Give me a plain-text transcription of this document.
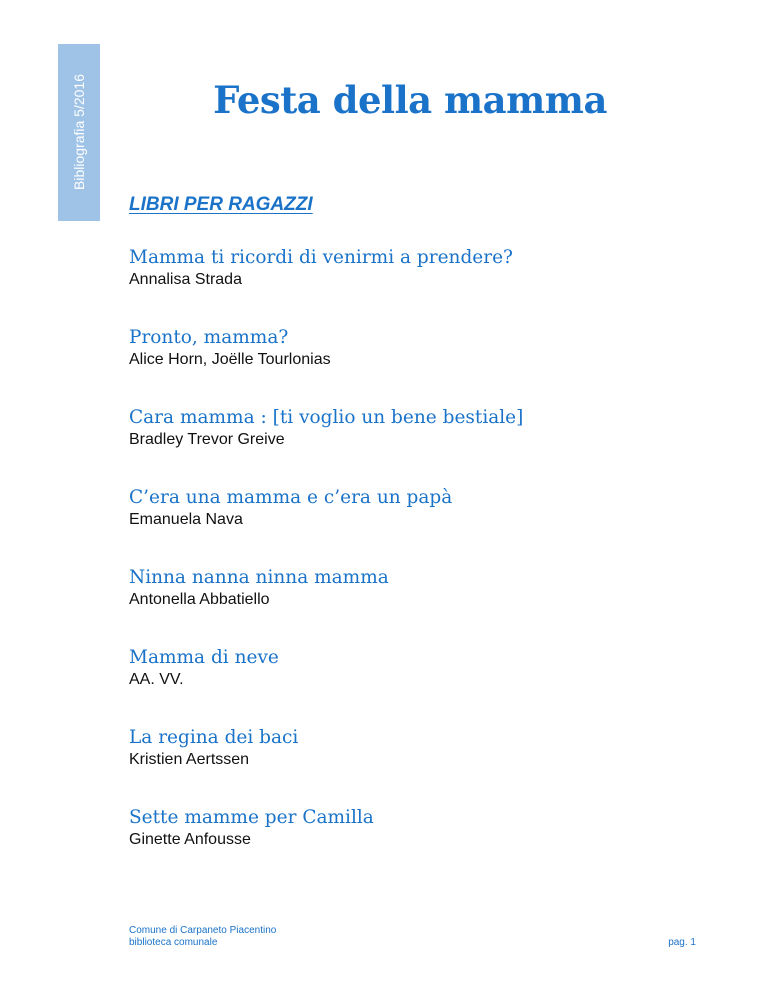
Bibliografia 5/2016	Festa della mamma
LIBRI PER RAGAZZI
Mamma ti ricordi di venirmi a prendere?
Annalisa Strada
Pronto, mamma?
Alice Horn, Joëlle Tourlonias
Cara mamma : [ti voglio un bene bestiale]
Bradley Trevor Greive
C’era una mamma e c’era un papà
Emanuela Nava
Ninna nanna ninna mamma
Antonella Abbatiello
Mamma di neve
AA. VV.
La regina dei baci
Kristien Aertssen
Sette mamme per Camilla
Ginette Anfousse
Comune di Carpaneto Piacentino
biblioteca comunale	pag. 1
